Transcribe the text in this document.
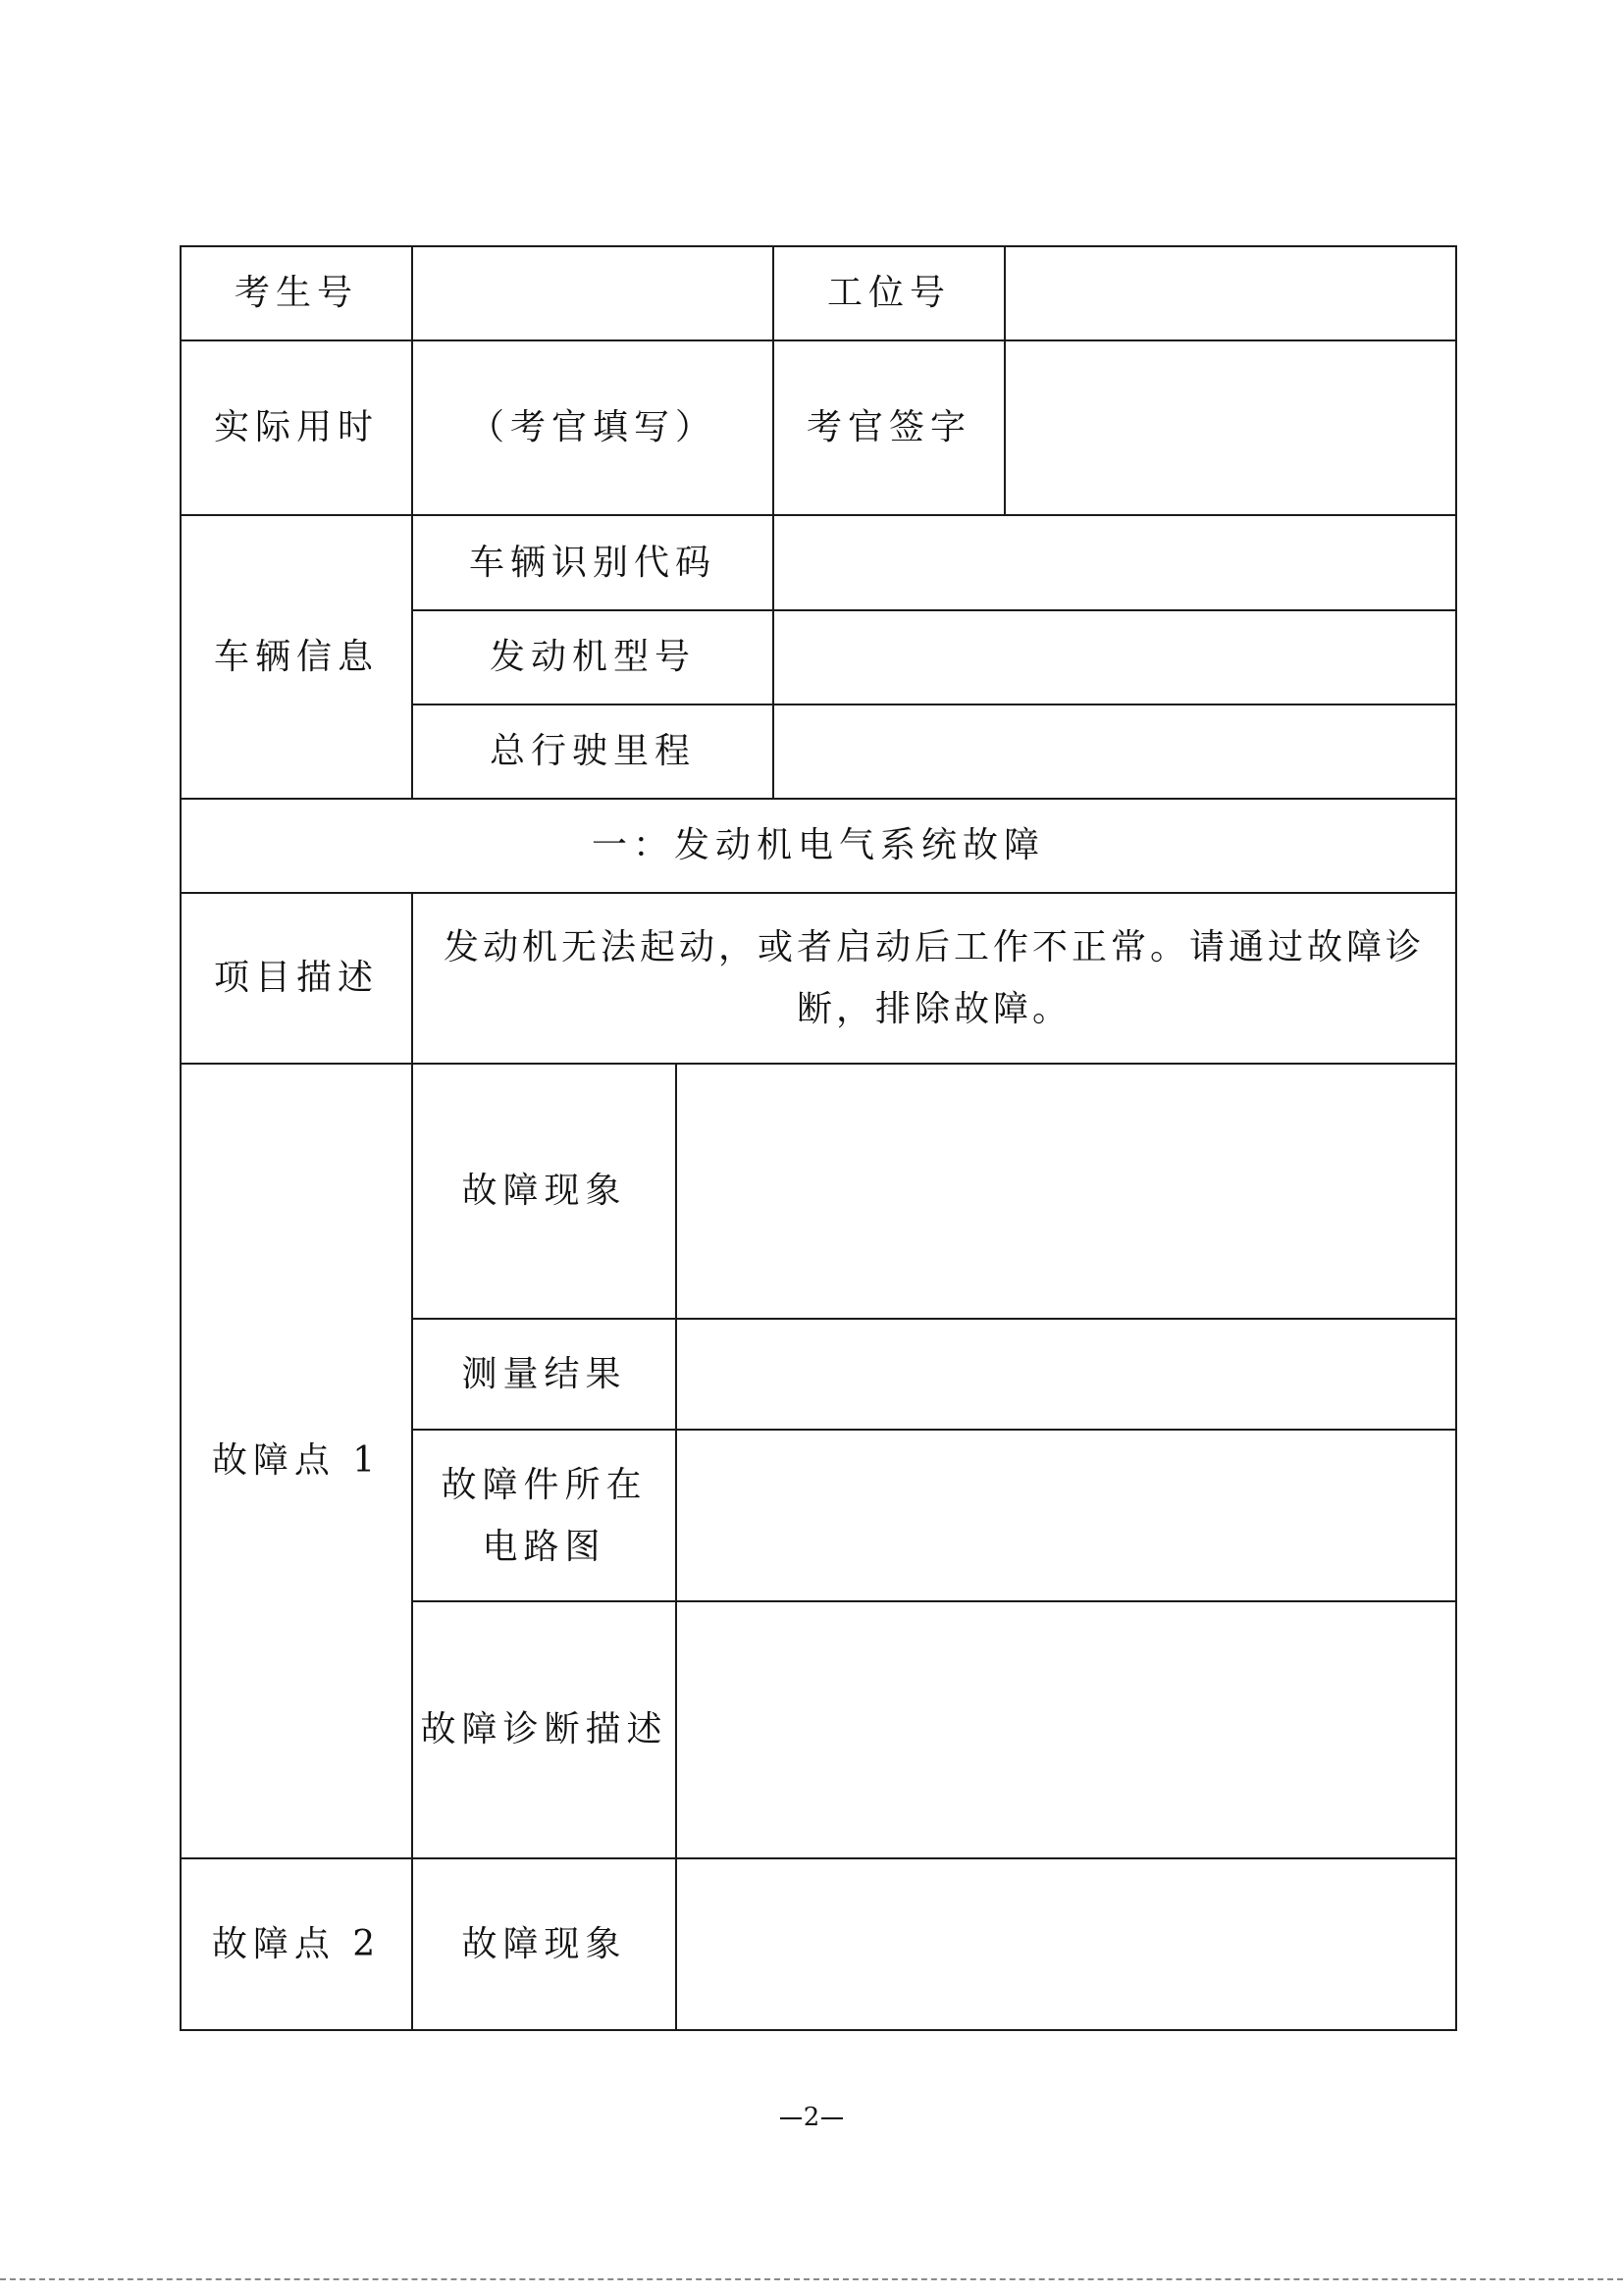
考生号			工位号	
实际用时	（考官填写）		考官签字	
车辆信息	车辆识别代码			
	发动机型号			
	总行驶里程			
一：发动机电气系统故障				
项目描述	发动机无法起动，或者启动后工作不正常。请通过故障诊断，排除故障。			
故障点 1	故障现象			
	测量结果			
	故障件所在电路图			
	故障诊断描述			
故障点 2	故障现象			
2
